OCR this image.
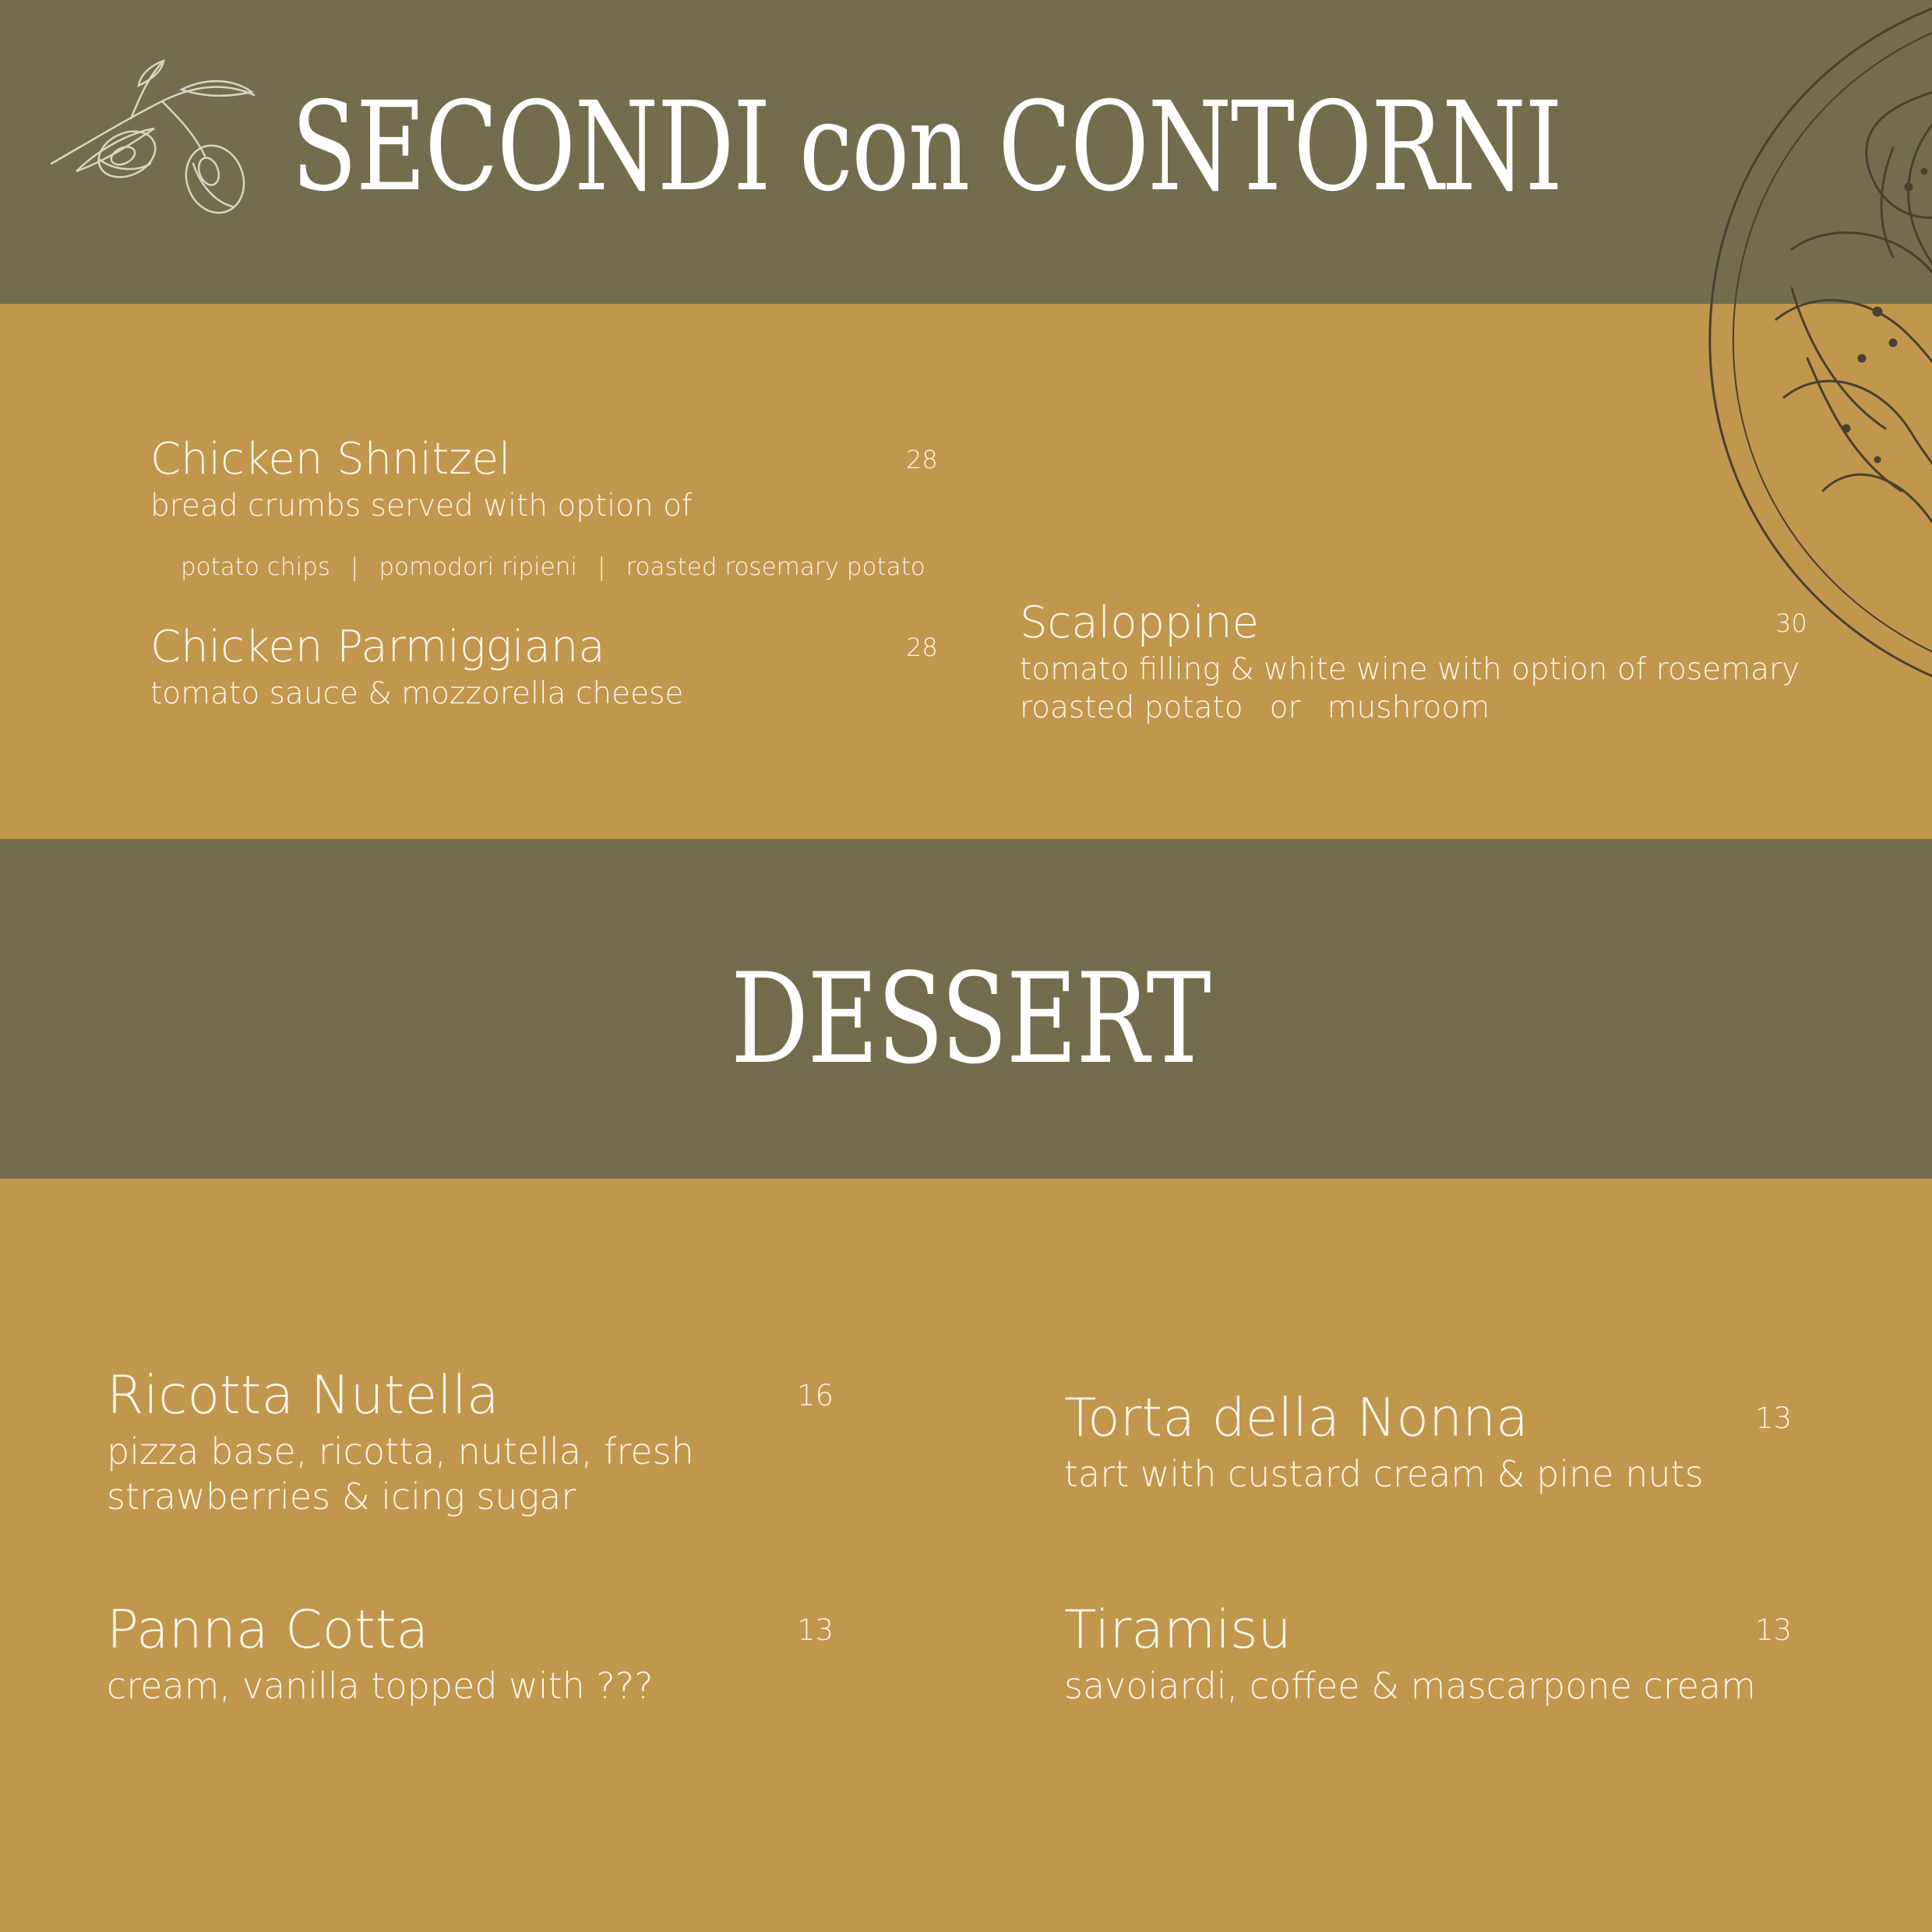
SECONDI con CONTORNI
DESSERT
Chicken Shnitzel	28
bread crumbs served with option of
potato chips | pomodori ripieni | roasted rosemary potato
Chicken Parmiggiana	28
tomato sauce & mozzorella cheese
Scaloppine	30
tomato filling & white wine with option of rosemary
roasted potato or mushroom
Ricotta Nutella	16
pizza base, ricotta, nutella, fresh
strawberries & icing sugar
Torta della Nonna	13
tart with custard cream & pine nuts
Panna Cotta	13
cream, vanilla topped with ???
Tiramisu	13
savoiardi, coffee & mascarpone cream
